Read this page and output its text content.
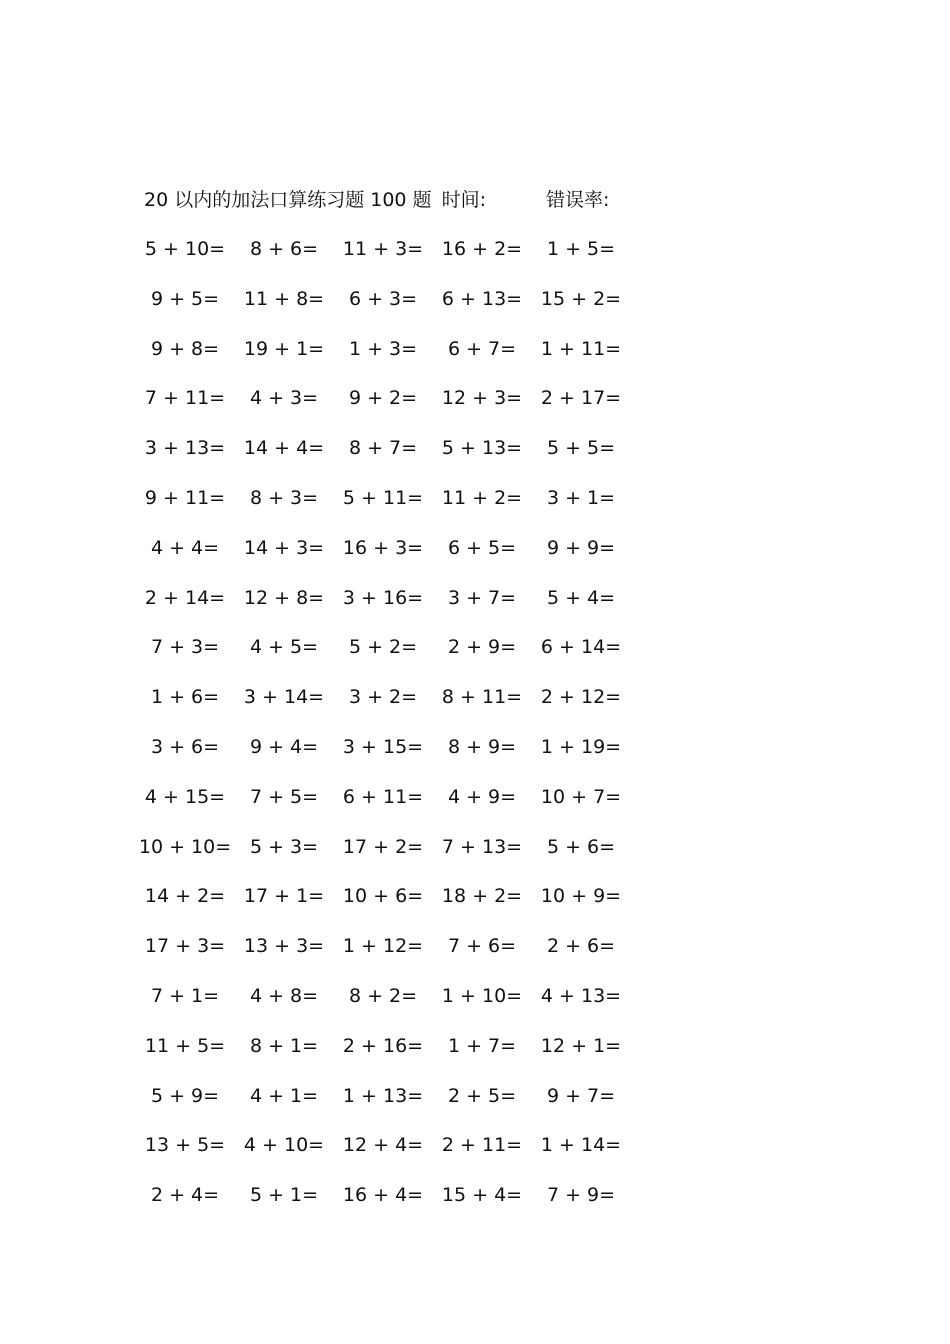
20 以内的加法口算练习题 100 题 时间:	错误率:
5 + 10=	8 + 6=	11 + 3= 16 + 2=	1 + 5=
9 + 5=	11 + 8=	6 + 3=	6 + 13= 15 + 2=
9 + 8=	19 + 1=	1 + 3=	6 + 7=	1 + 11=
7 + 11=	4 + 3=	9 + 2=	12 + 3= 2 + 17=
3 + 13= 14 + 4=	8 + 7=	5 + 13=	5 + 5=
9 + 11=	8 + 3=	5 + 11= 11 + 2=	3 + 1=
4 + 4=	14 + 3= 16 + 3=	6 + 5=	9 + 9=
2 + 14= 12 + 8= 3 + 16=	3 + 7=	5 + 4=
7 + 3=	4 + 5=	5 + 2=	2 + 9=	6 + 14=
1 + 6=	3 + 14=	3 + 2=	8 + 11= 2 + 12=
3 + 6=	9 + 4=	3 + 15=	8 + 9=	1 + 19=
4 + 15=	7 + 5=	6 + 11=	4 + 9=	10 + 7=
10 + 10= 5 + 3=	17 + 2= 7 + 13=	5 + 6=
14 + 2= 17 + 1= 10 + 6= 18 + 2= 10 + 9=
17 + 3= 13 + 3= 1 + 12=	7 + 6=	2 + 6=
7 + 1=	4 + 8=	8 + 2=	1 + 10= 4 + 13=
11 + 5=	8 + 1=	2 + 16=	1 + 7=	12 + 1=
5 + 9=	4 + 1=	1 + 13=	2 + 5=	9 + 7=
13 + 5= 4 + 10= 12 + 4= 2 + 11= 1 + 14=
2 + 4=	5 + 1=	16 + 4= 15 + 4=	7 + 9=
